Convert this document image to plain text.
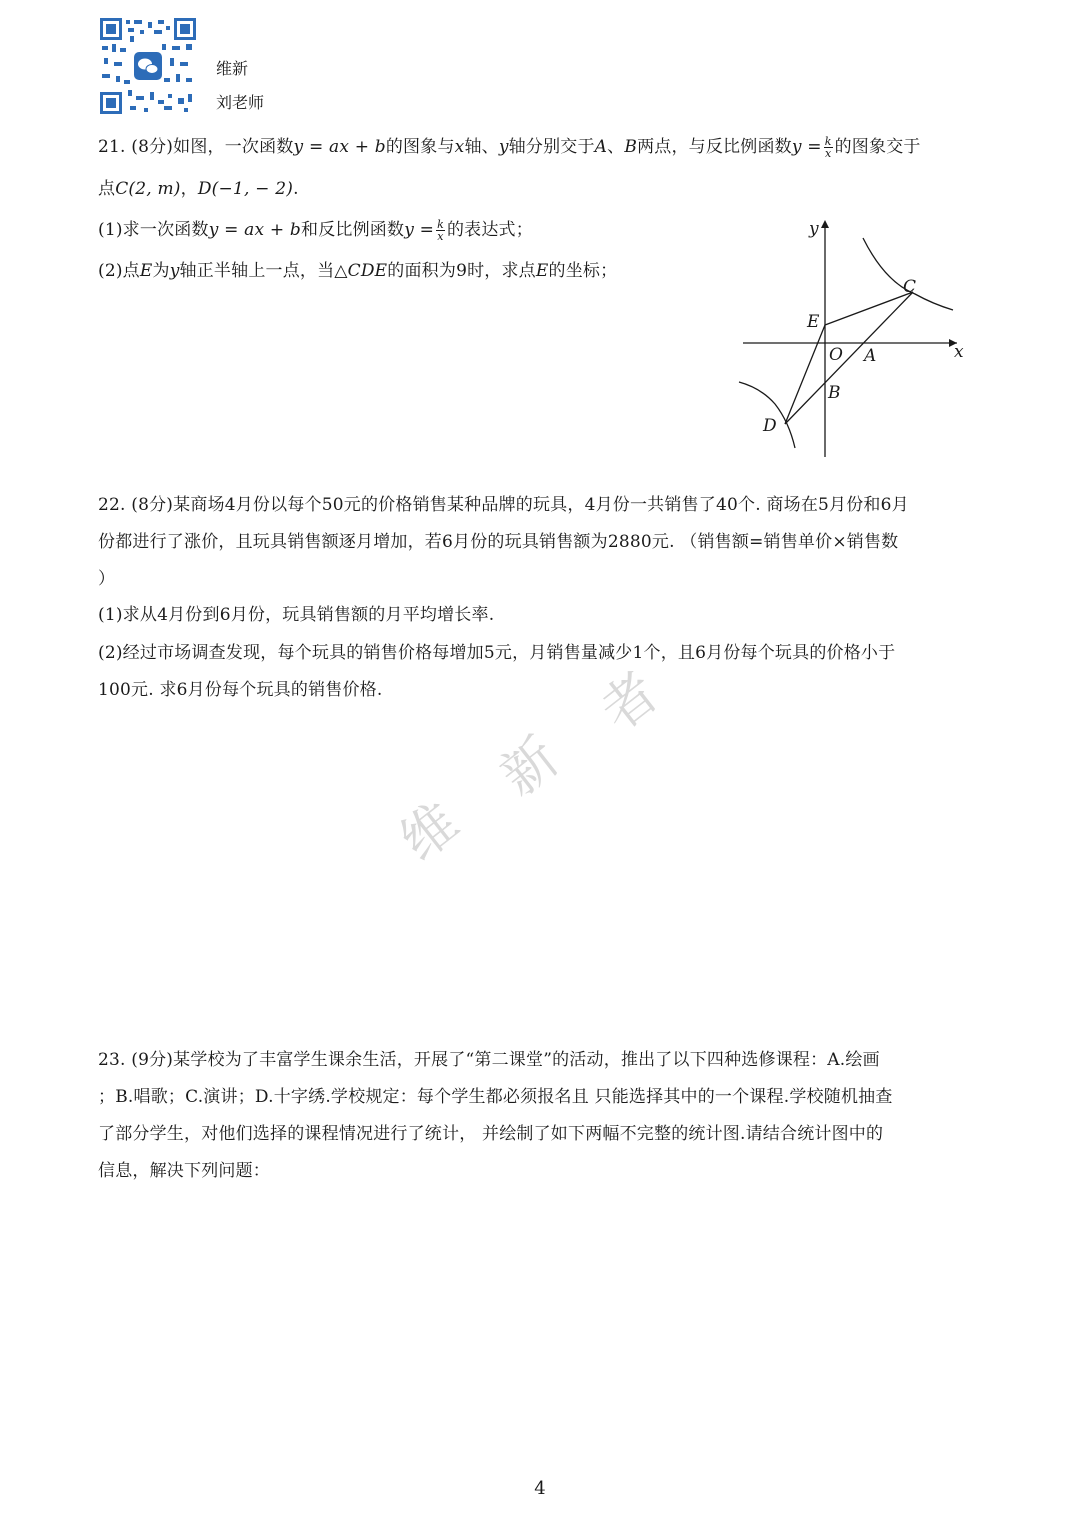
维新
刘老师
21. (8分)如图，一次函数y = ax + b的图象与x轴、y轴分别交于A、B两点，与反比例函数$y = \frac{k}{x}$ 的图象交于
点C(2, m)，D(−1, − 2).
(1)求一次函数y = ax + b和反比例函数$y = \frac{k}{x}$ 的表达式；
(2)点E为y轴正半轴上一点，当△CDE的面积为9时，求点E的坐标；
y
x
C
E
O A
B
D
22. (8分)某商场4月份以每个50元的价格销售某种品牌的玩具，4月份一共销售了40个. 商场在5月份和6月
份都进行了涨价，且玩具销售额逐月增加，若6月份的玩具销售额为2880元. （销售额=销售单价×销售数
）
(1)求从4月份到6月份，玩具销售额的月平均增长率.
(2)经过市场调查发现，每个玩具的销售价格每增加5元，月销售量减少1个，且6月份每个玩具的价格小于
100元. 求6月份每个玩具的销售价格.
维
新
者
23. (9分)某学校为了丰富学生课余生活，开展了“第二课堂”的活动，推出了以下四种选修课程：A.绘画
；B.唱歌；C.演讲；D.十字绣.学校规定：每个学生都必须报名且 只能选择其中的一个课程.学校随机抽查
了部分学生，对他们选择的课程情况进行了统计， 并绘制了如下两幅不完整的统计图.请结合统计图中的
信息，解决下列问题：
4
